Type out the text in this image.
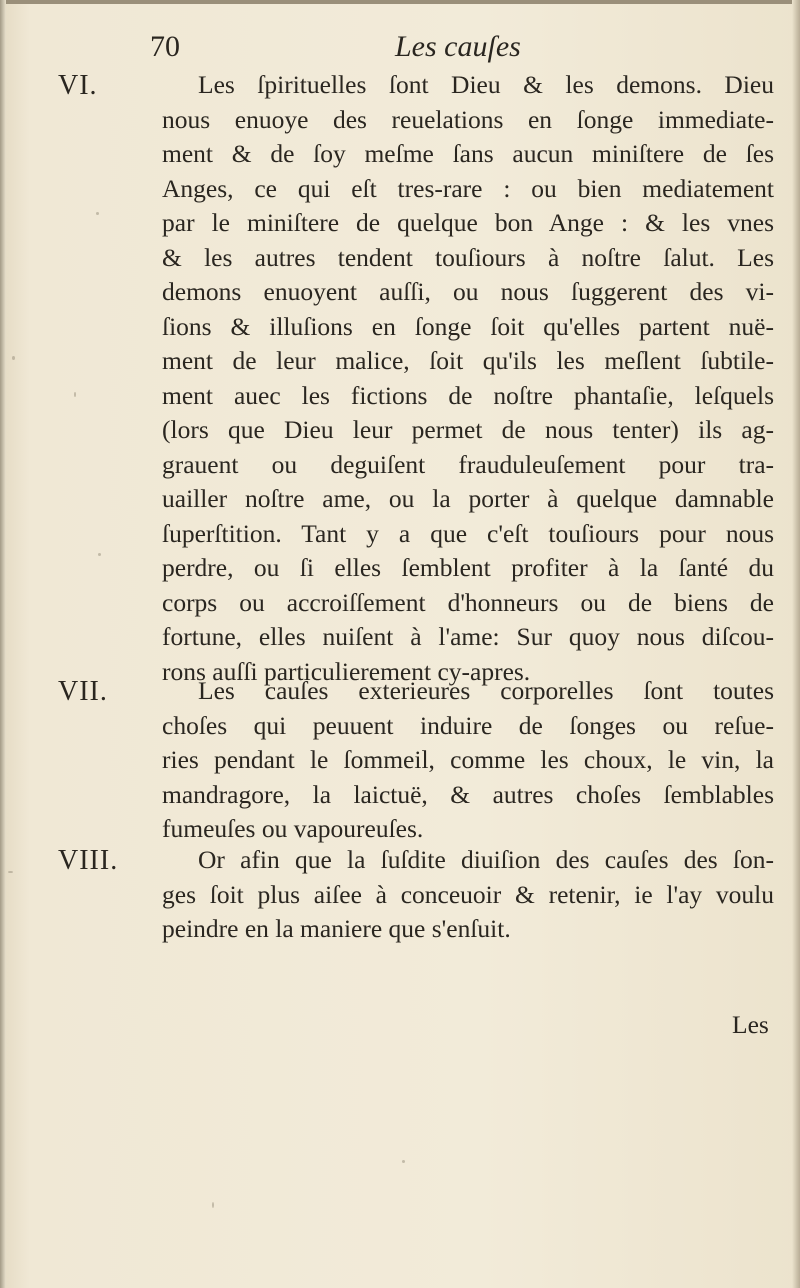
70	Les cauſes
VI.	Les ſpirituelles ſont Dieu & les demons. Dieu
nous enuoye des reuelations en ſonge immediate-
ment & de ſoy meſme ſans aucun miniſtere de ſes
Anges, ce qui eſt tres-rare : ou bien mediatement
par le miniſtere de quelque bon Ange : & les vnes
& les autres tendent touſiours à noſtre ſalut. Les
demons enuoyent auſſi, ou nous ſuggerent des vi-
ſions & illuſions en ſonge ſoit qu'elles partent nuë-
ment de leur malice, ſoit qu'ils les meſlent ſubtile-
ment auec les fictions de noſtre phantaſie, leſquels
(lors que Dieu leur permet de nous tenter) ils ag-
grauent ou deguiſent frauduleuſement pour tra-
uailler noſtre ame, ou la porter à quelque damnable
ſuperſtition. Tant y a que c'eſt touſiours pour nous
perdre, ou ſi elles ſemblent profiter à la ſanté du
corps ou accroiſſement d'honneurs ou de biens de
fortune, elles nuiſent à l'ame: Sur quoy nous diſcou-
rons auſſi particulierement cy-apres.
VII.	Les cauſes exterieures corporelles ſont toutes
choſes qui peuuent induire de ſonges ou reſue-
ries pendant le ſommeil, comme les choux, le vin, la
mandragore, la laictuë, & autres choſes ſemblables
fumeuſes ou vapoureuſes.
VIII.	Or afin que la ſuſdite diuiſion des cauſes des ſon-
ges ſoit plus aiſee à conceuoir & retenir, ie l'ay voulu
peindre en la maniere que s'enſuit.
Les
